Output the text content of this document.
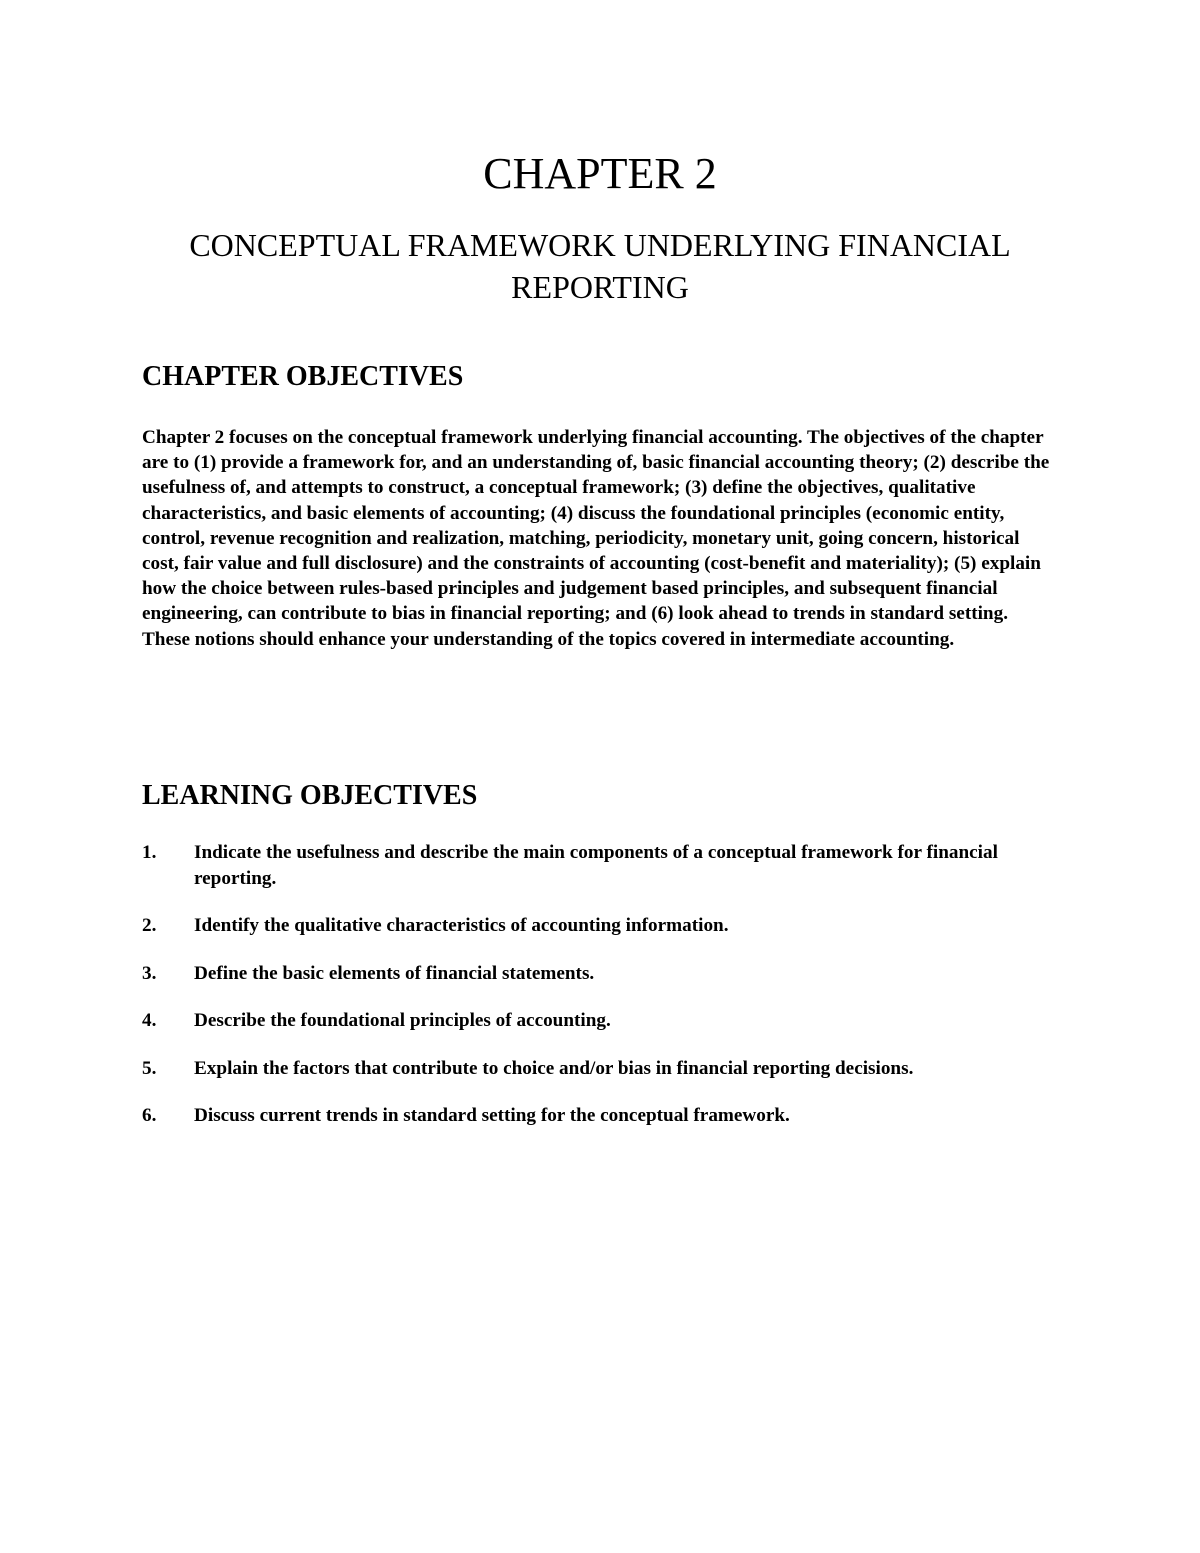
CHAPTER 2
CONCEPTUAL FRAMEWORK UNDERLYING FINANCIAL REPORTING
CHAPTER OBJECTIVES

Chapter 2 focuses on the conceptual framework underlying financial accounting. The objectives of the chapter are to (1) provide a framework for, and an understanding of, basic financial accounting theory; (2) describe the usefulness of, and attempts to construct, a conceptual framework; (3) define the objectives, qualitative characteristics, and basic elements of accounting; (4) discuss the foundational principles (economic entity, control, revenue recognition and realization, matching, periodicity, monetary unit, going concern, historical cost, fair value and full disclosure) and the constraints of accounting (cost-benefit and materiality); (5) explain how the choice between rules-based principles and judgement based principles, and subsequent financial engineering, can contribute to bias in financial reporting; and (6) look ahead to trends in standard setting. These notions should enhance your understanding of the topics covered in intermediate accounting.

LEARNING OBJECTIVES
1. Indicate the usefulness and describe the main components of a conceptual framework for financial reporting.
2. Identify the qualitative characteristics of accounting information.
3. Define the basic elements of financial statements.
4. Describe the foundational principles of accounting.
5. Explain the factors that contribute to choice and/or bias in financial reporting decisions.
6. Discuss current trends in standard setting for the conceptual framework.
